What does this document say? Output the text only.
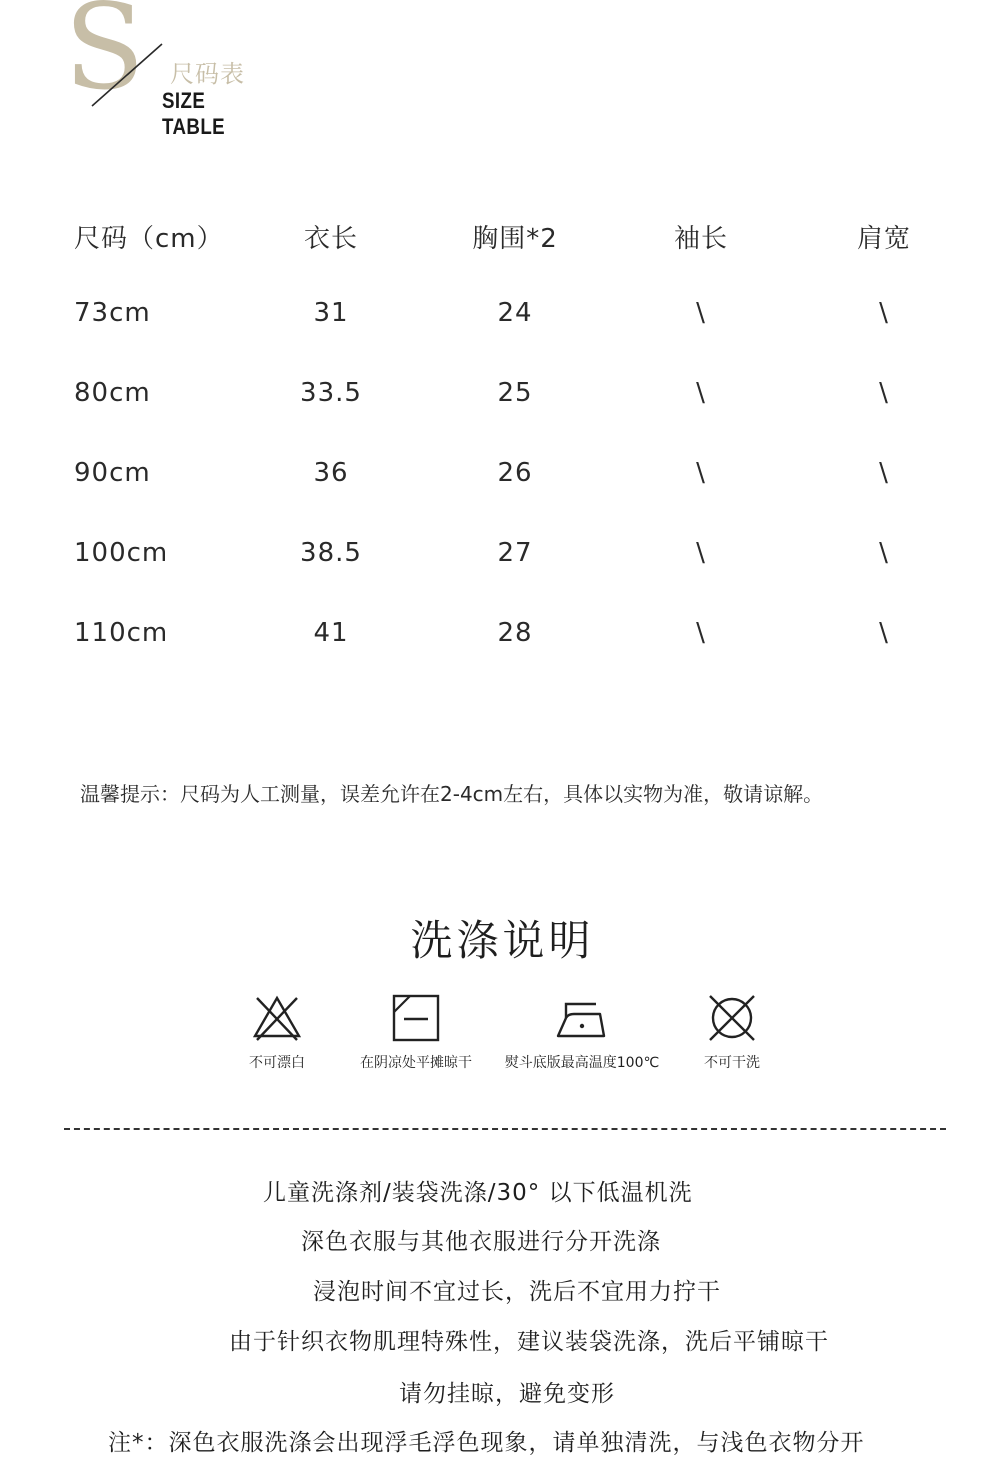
S 尺码表
SIZE TABLE
尺码（cm）	衣长	胸围*2	袖长	肩宽
73cm	31	24	\	\
80cm	33.5	25	\	\
90cm	36	26	\	\
100cm	38.5	27	\	\
110cm	41	28	\	\
温馨提示：尺码为人工测量，误差允许在2-4cm左右，具体以实物为准，敬请谅解。
洗涤说明
不可漂白	在阴凉处平摊晾干	熨斗底版最高温度100℃	不可干洗
儿童洗涤剂/装袋洗涤/30° 以下低温机洗
深色衣服与其他衣服进行分开洗涤
浸泡时间不宜过长，洗后不宜用力拧干
由于针织衣物肌理特殊性，建议装袋洗涤，洗后平铺晾干
请勿挂晾，避免变形
注*：深色衣服洗涤会出现浮毛浮色现象，请单独清洗，与浅色衣物分开
